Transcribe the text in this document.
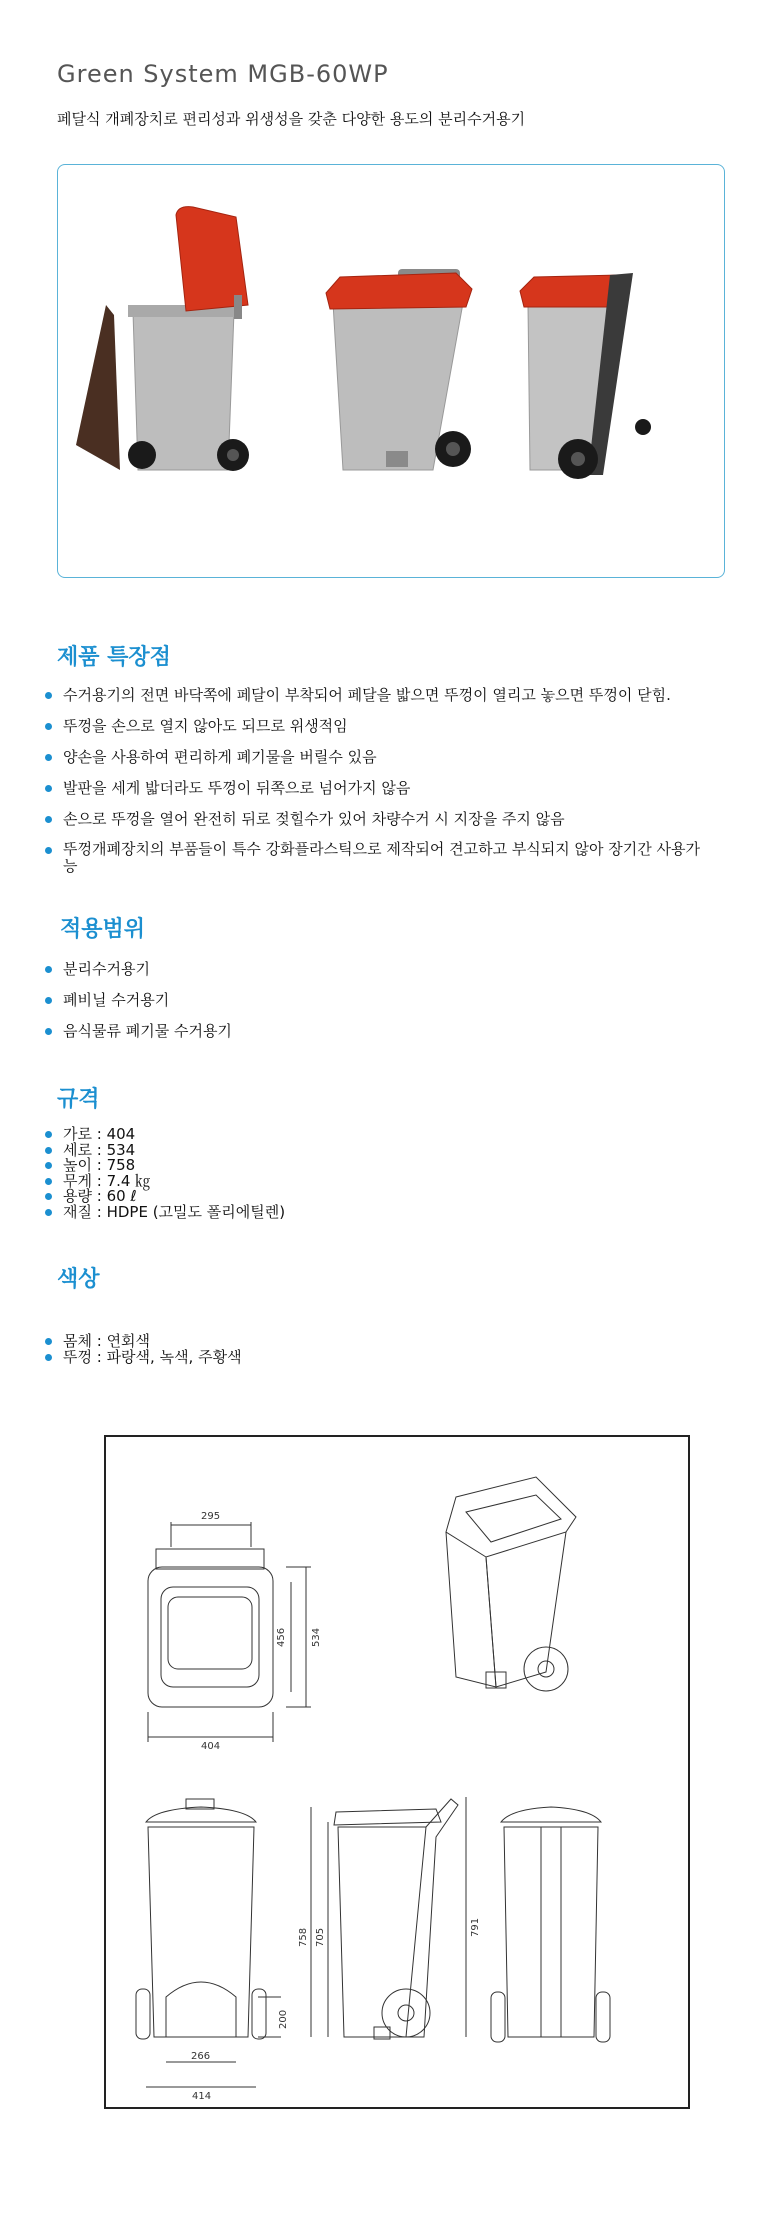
Green System MGB-60WP
페달식 개폐장치로 편리성과 위생성을 갖춘 다양한 용도의 분리수거용기
제품 특장점
수거용기의 전면 바닥쪽에 페달이 부착되어 페달을 밟으면 뚜껑이 열리고 놓으면 뚜껑이 닫힘.
뚜껑을 손으로 열지 않아도 되므로 위생적임
양손을 사용하여 편리하게 폐기물을 버릴수 있음
발판을 세게 밟더라도 뚜껑이 뒤쪽으로 넘어가지 않음
손으로 뚜껑을 열어 완전히 뒤로 젖힐수가 있어 차량수거 시 지장을 주지 않음
뚜껑개폐장치의 부품들이 특수 강화플라스틱으로 제작되어 견고하고 부식되지 않아 장기간 사용가능
적용범위
분리수거용기
폐비닐 수거용기
음식물류 폐기물 수거용기
규격
가로 : 404
세로 : 534
높이 : 758
무게 : 7.4 ㎏
용량 : 60 ℓ
재질 : HDPE (고밀도 폴리에틸렌)
색상
몸체 : 연회색
뚜껑 : 파랑색, 녹색, 주황색
295
404
456 534
266
414
200
758 705
791
